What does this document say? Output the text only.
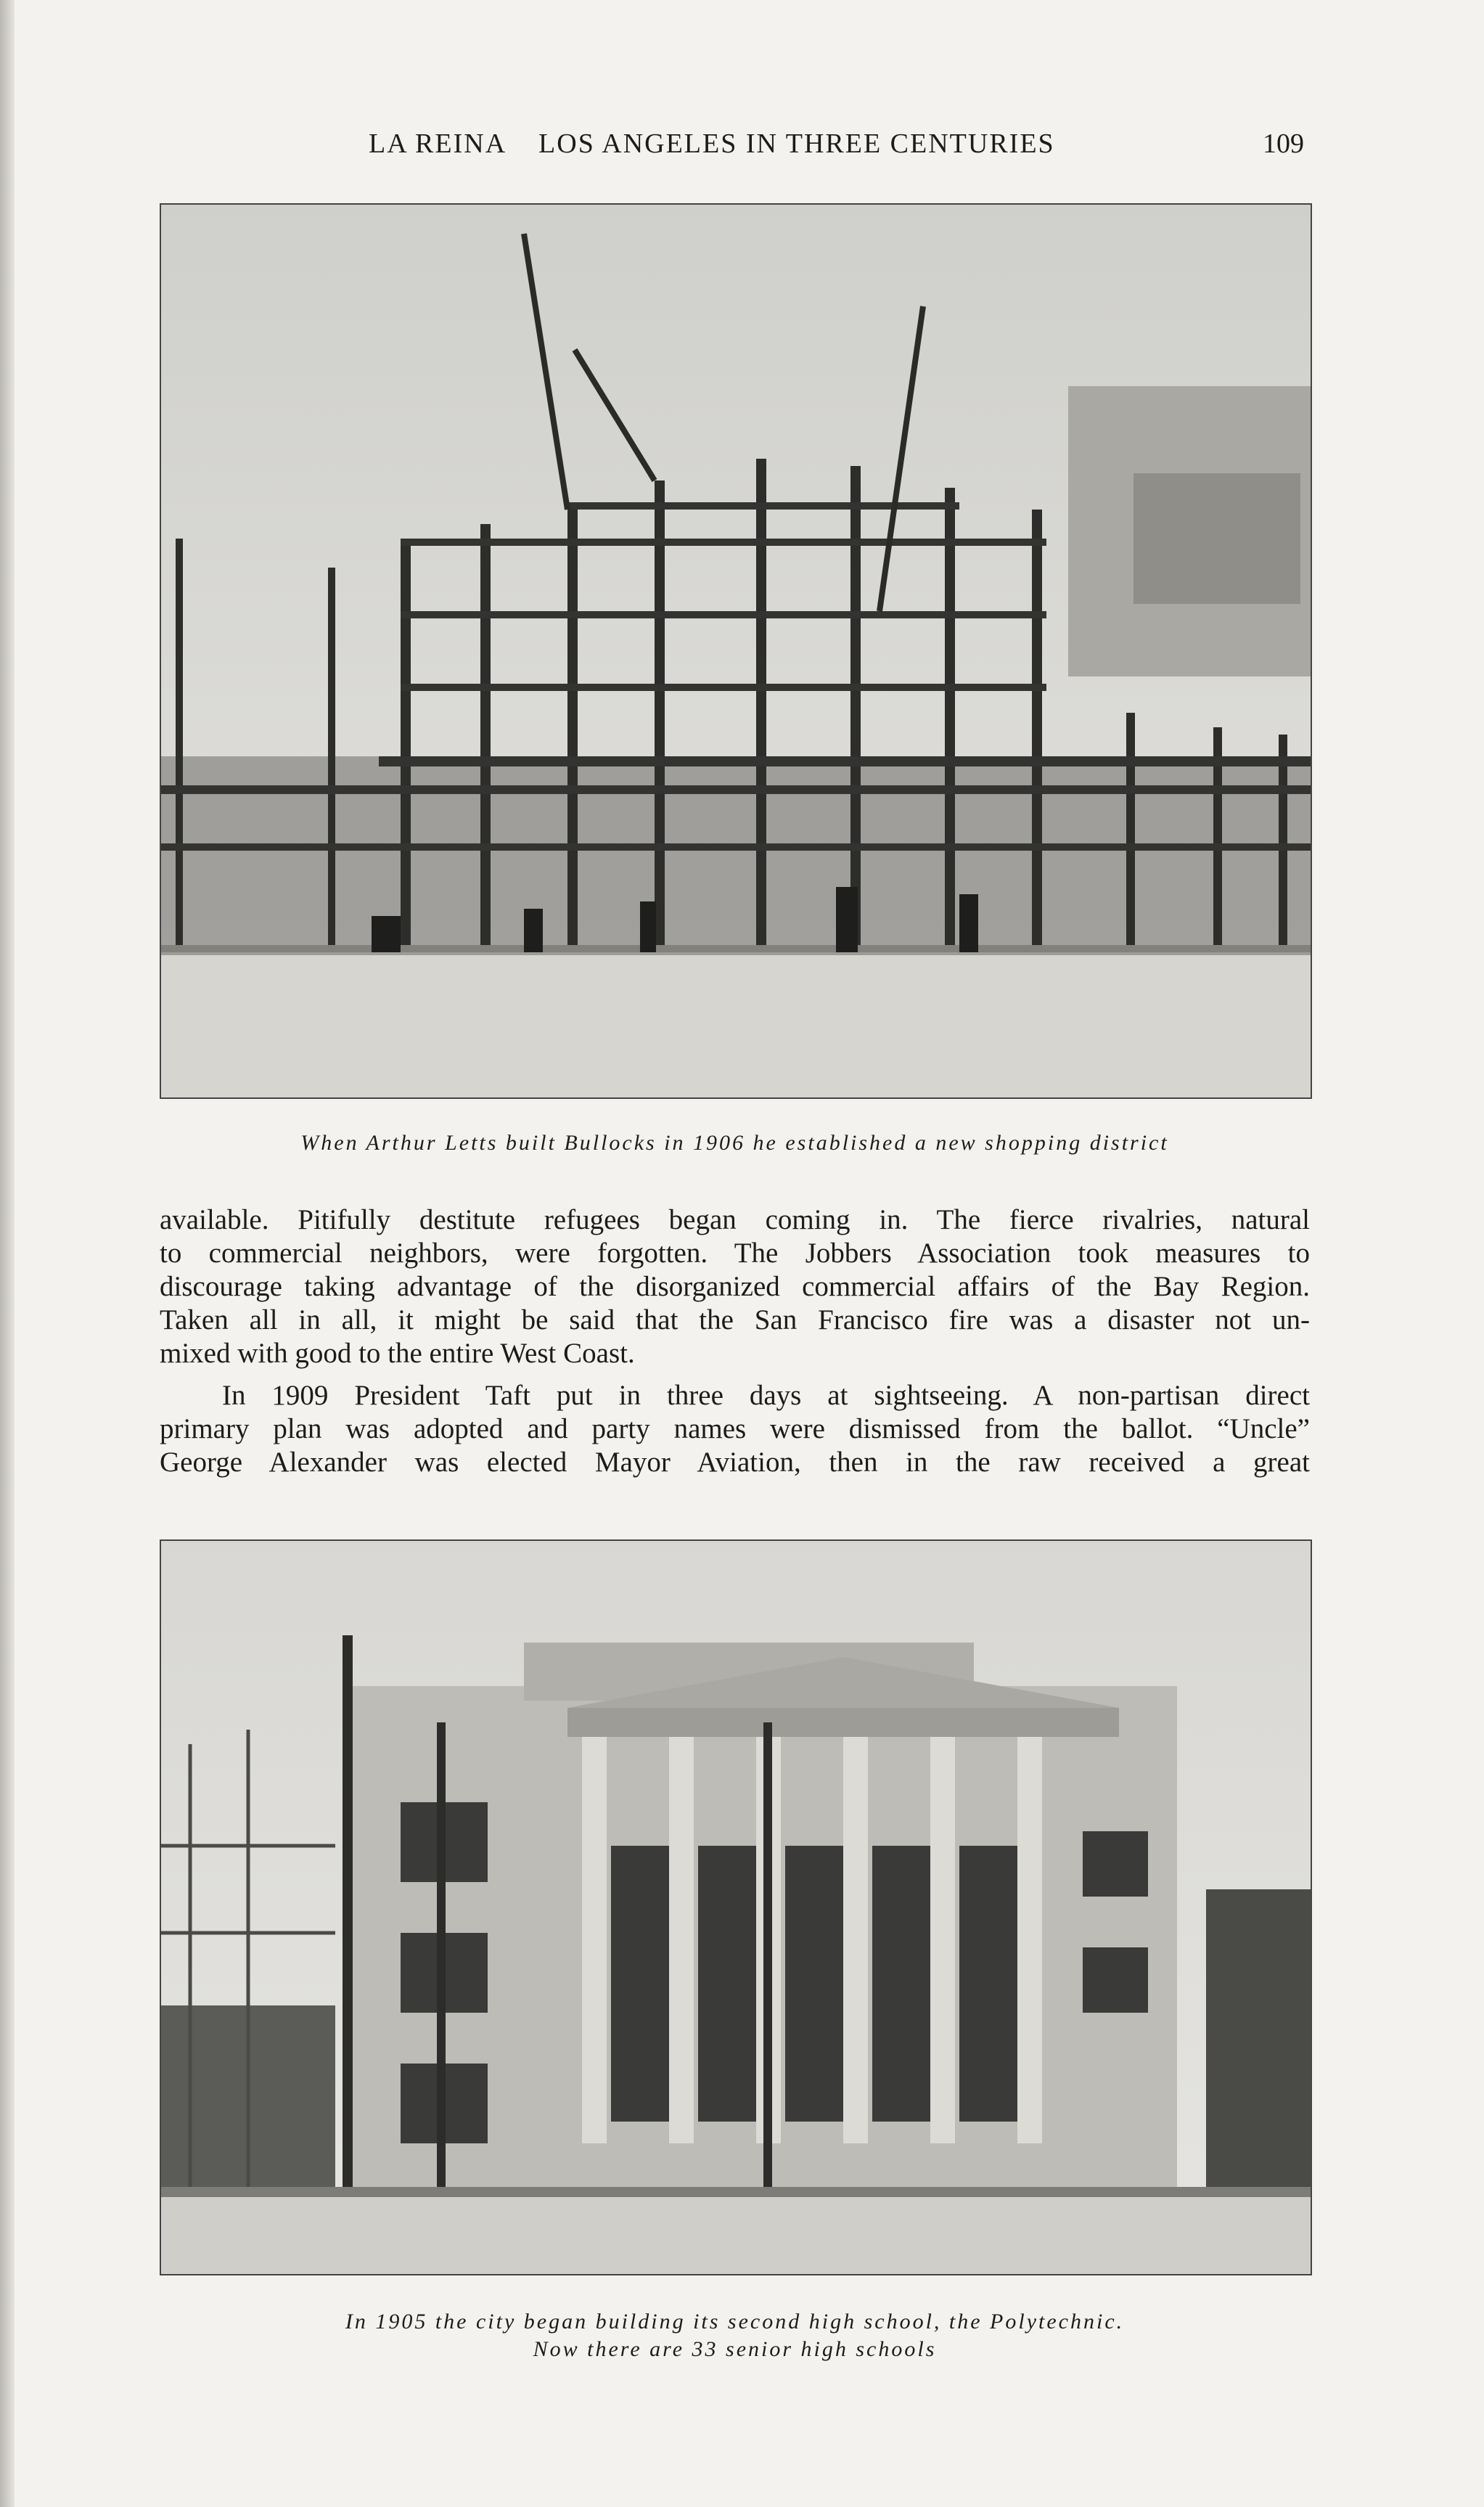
LA REINA    LOS ANGELES IN THREE CENTURIES	109
When Arthur Letts built Bullocks in 1906 he established a new shopping district

available. Pitifully destitute refugees began coming in. The fierce rivalries, natural
to commercial neighbors, were forgotten. The Jobbers Association took measures to
discourage taking advantage of the disorganized commercial affairs of the Bay Region.
Taken all in all, it might be said that the San Francisco fire was a disaster not un-
mixed with good to the entire West Coast.

In 1909 President Taft put in three days at sightseeing. A non-partisan direct
primary plan was adopted and party names were dismissed from the ballot. “Uncle”
George Alexander was elected Mayor Aviation, then in the raw received a great

In 1905 the city began building its second high school, the Polytechnic.
Now there are 33 senior high schools
